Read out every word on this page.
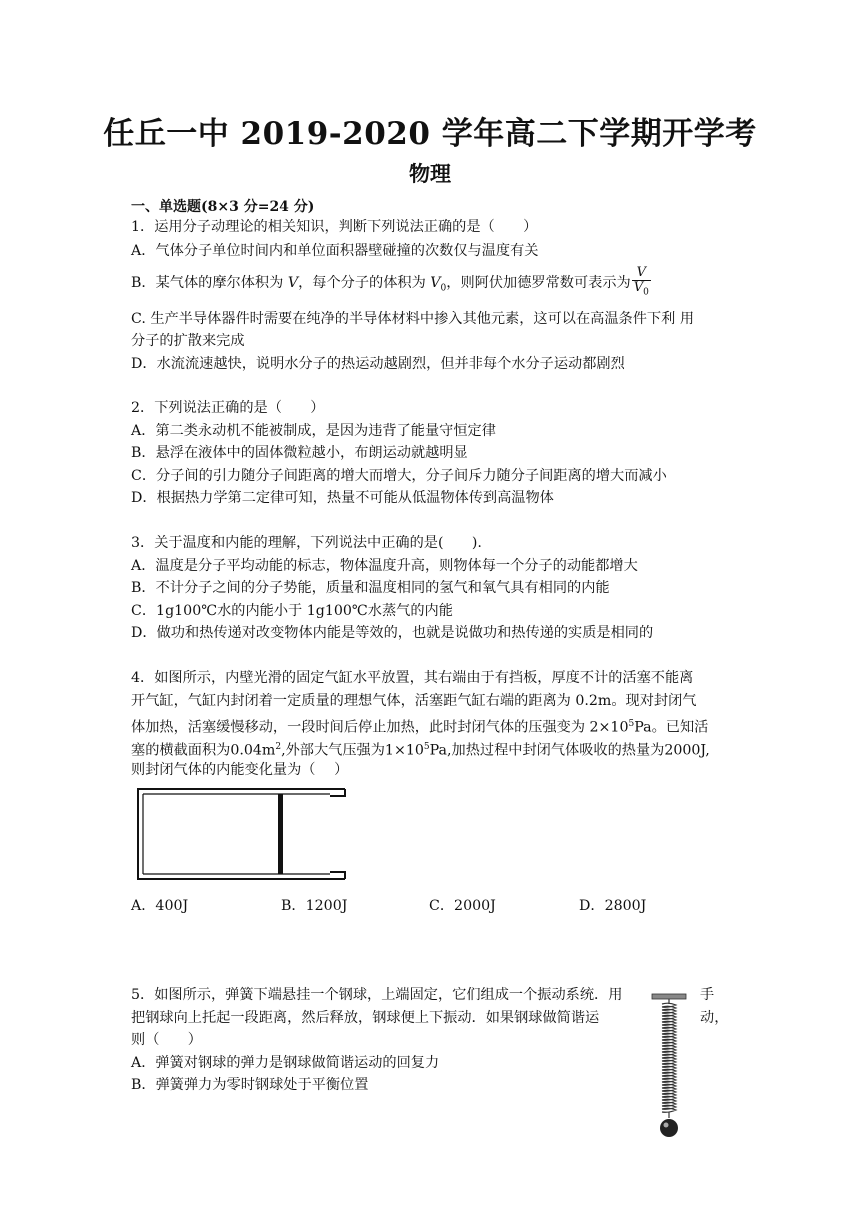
任丘一中 2019-2020 学年高二下学期开学考
物理
一、单选题(8×3 分=24 分)
1．运用分子动理论的相关知识，判断下列说法正确的是（　　）
A．气体分子单位时间内和单位面积器壁碰撞的次数仅与温度有关
B．某气体的摩尔体积为 V，每个分子的体积为 $V_0$，则阿伏加德罗常数可表示为 $\frac{V}{V_0}$
C. 生产半导体器件时需要在纯净的半导体材料中掺入其他元素，这可以在高温条件下利 用
分子的扩散来完成
D．水流流速越快，说明水分子的热运动越剧烈，但并非每个水分子运动都剧烈
2．下列说法正确的是（　　）
A．第二类永动机不能被制成，是因为违背了能量守恒定律
B．悬浮在液体中的固体微粒越小，布朗运动就越明显
C．分子间的引力随分子间距离的增大而增大，分子间斥力随分子间距离的增大而减小
D．根据热力学第二定律可知，热量不可能从低温物体传到高温物体
3．关于温度和内能的理解，下列说法中正确的是(　　).
A．温度是分子平均动能的标志，物体温度升高，则物体每一个分子的动能都增大
B．不计分子之间的分子势能，质量和温度相同的氢气和氧气具有相同的内能
C．1g100℃水的内能小于 1g100℃水蒸气的内能
D．做功和热传递对改变物体内能是等效的，也就是说做功和热传递的实质是相同的
4．如图所示，内壁光滑的固定气缸水平放置，其右端由于有挡板，厚度不计的活塞不能离
开气缸，气缸内封闭着一定质量的理想气体，活塞距气缸右端的距离为 0.2m。现对封闭气
体加热，活塞缓慢移动，一段时间后停止加热，此时封闭气体的压强变为 $2\times 10^5Pa$。已知活
塞的横截面积为$0.04m^2$,外部大气压强为$1\times 10^5Pa$,加热过程中封闭气体吸收的热量为2000J,
则封闭气体的内能变化量为（　 ）
A．400J	B．1200J	C．2000J	D．2800J
5．如图所示，弹簧下端悬挂一个钢球，上端固定，它们组成一个振动系统．用	手
把钢球向上托起一段距离，然后释放，钢球便上下振动．如果钢球做简谐运	动，
则（　　）
A．弹簧对钢球的弹力是钢球做简谐运动的回复力
B．弹簧弹力为零时钢球处于平衡位置
